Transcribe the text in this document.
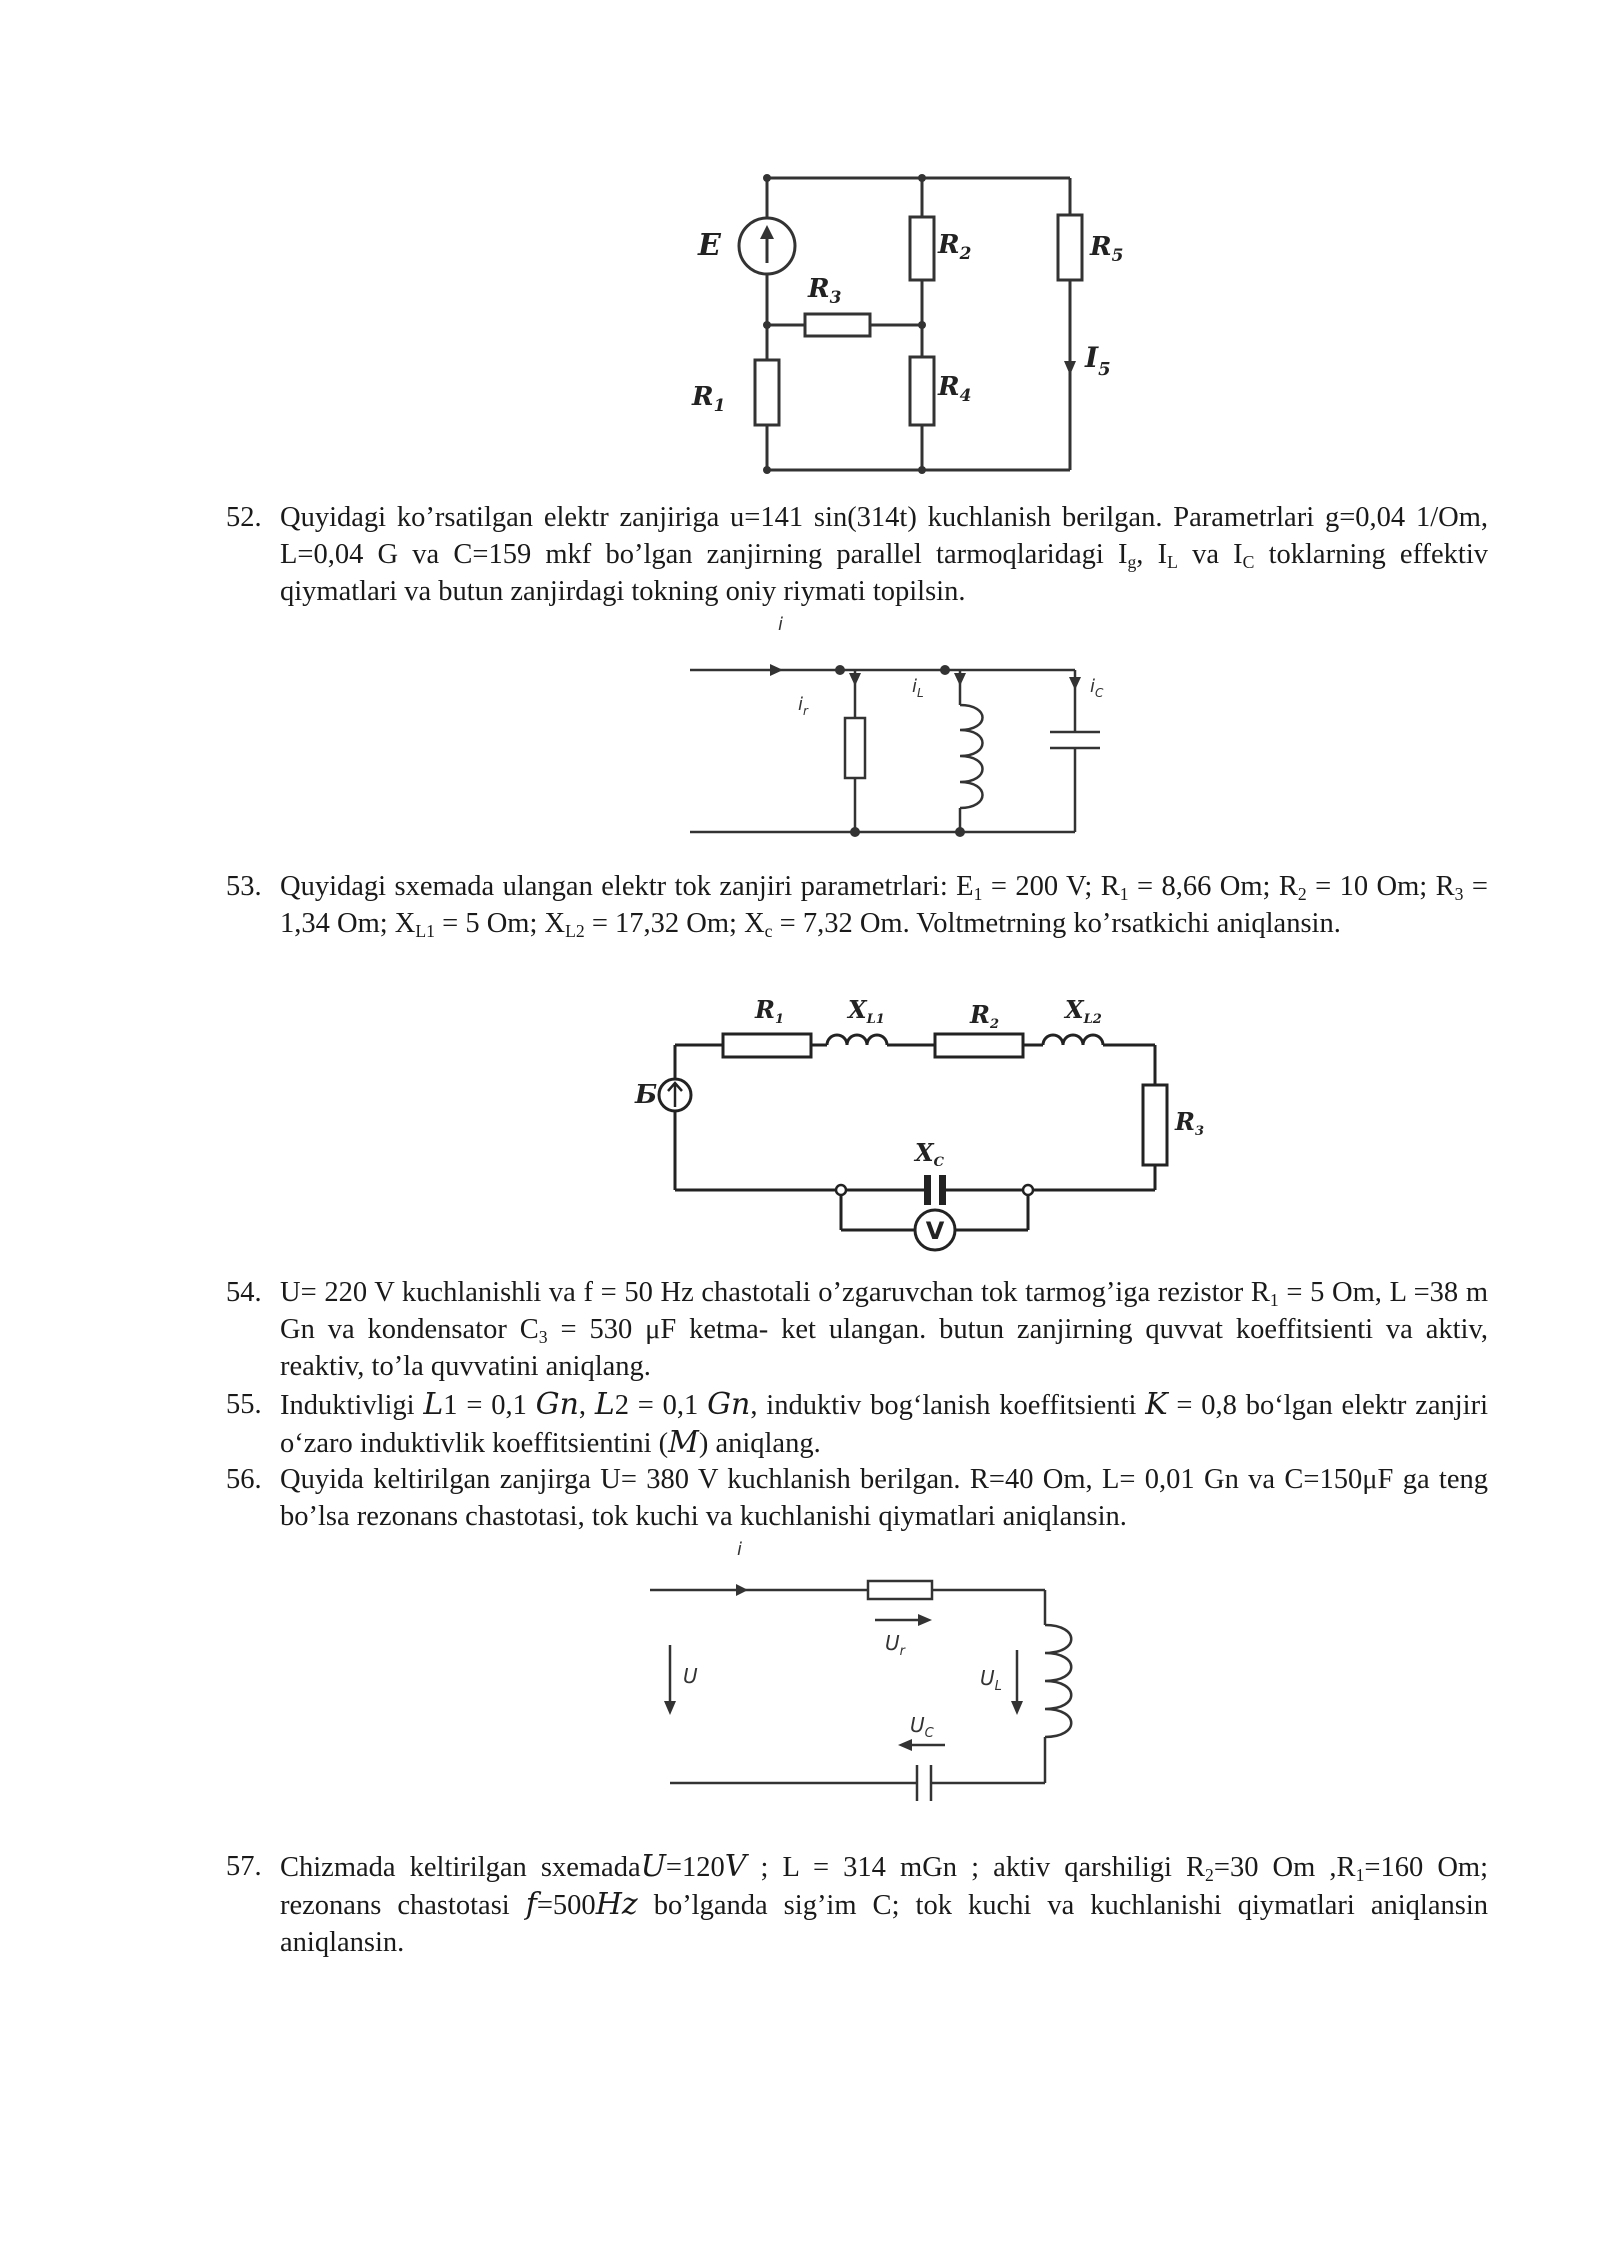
E
$R_3$
$R_2$	$R_5$
$R_1$
$R_4$
$I_5$
52. Quyidagi ko’rsatilgan elektr zanjiriga u=141 sin(314t) kuchlanish berilgan. Parametrlari g=0,04 1/Om, L=0,04 G va C=159 mkf bo’lgan zanjirning parallel tarmoqlaridagi $I_g$, $I_L$ va $I_C$ toklarning effektiv qiymatlari va butun zanjirdagi tokning oniy riymati topilsin.

i
$i_r$
$i_L$	$i_C$
53. Quyidagi sxemada ulangan elektr tok zanjiri parametrlari: $E_1 = 200$ V; $R_1 = 8,66$ Om; $R_2 = 10$ Om; $R_3 = 1,34$ Om; $X_{L1} = 5$ Om; $X_{L2} = 17,32$ Om; $X_c = 7,32$ Om. Voltmetrning ko’rsatkichi aniqlansin.

V
$R_1$	$X_{L1}$	$R_2$
$X_{L2}$
$R_3$
$X_C$
Б
54. U= 220 V kuchlanishli va f = 50 Hz chastotali o’zgaruvchan tok tarmog’iga rezistor $R_1 = 5$ Om, L =38 m Gn va kondensator $C_3 = 530$ μF ketma- ket ulangan. butun zanjirning quvvat koeffitsienti va aktiv, reaktiv, to’la quvvatini aniqlang.

55. Induktivligi L1 = 0,1 Gn, L2 = 0,1 Gn, induktiv bog‘lanish koeffitsienti K = 0,8 bo‘lgan elektr zanjiri o‘zaro induktivlik koeffitsientini (M) aniqlang.

56. Quyida keltirilgan zanjirga U= 380 V kuchlanish berilgan. R=40 Om, L= 0,01 Gn va C=150μF ga teng bo’lsa rezonans chastotasi, tok kuchi va kuchlanishi qiymatlari aniqlansin.

i
U
$U_r$
$U_L$
$U_C$
57. Chizmada keltirilgan sxemadaU=120V ; L = 314 mGn ; aktiv qarshiligi $R_2=30$ Om $,R_1=160$ Om; rezonans chastotasi f=500Hz bo’lganda sig’im C; tok kuchi va kuchlanishi qiymatlari aniqlansin aniqlansin.
